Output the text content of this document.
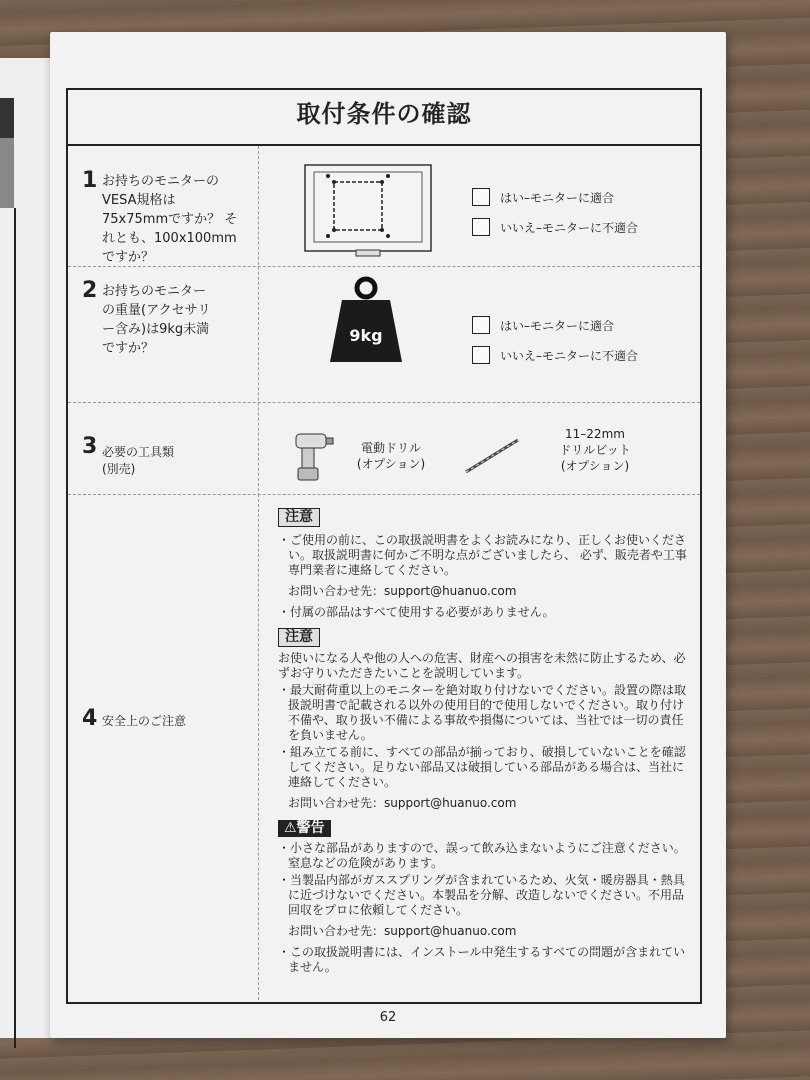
取付条件の確認
1 お持ちのモニターの
VESA規格は
75x75mmですか？ そ
れとも、100x100mm
ですか？
はい–モニターに適合
いいえ–モニターに不適合
2 お持ちのモニター
の重量(アクセサリ
ー含み)は9kg未満
ですか？
9kg
はい–モニターに適合
いいえ–モニターに不適合
3 必要の工具類
(別売)
電動ドリル
(オプション)
11–22mm
ドリルビット
(オプション)
4 安全上のご注意
注意
・ご使用の前に、この取扱説明書をよくお読みになり、正しくお使いください。取扱説明書に何かご不明な点がございましたら、 必ず、販売者や工事専門業者に連絡してください。
お問い合わせ先：support@huanuo.com
・付属の部品はすべて使用する必要がありません。
注意
お使いになる人や他の人への危害、財産への損害を未然に防止するため、必ずお守りいただきたいことを説明しています。
・最大耐荷重以上のモニターを絶対取り付けないでください。設置の際は取扱説明書で記載される以外の使用目的で使用しないでください。取り付け不備や、取り扱い不備による事故や損傷については、当社では一切の責任を負いません。
・組み立てる前に、すべての部品が揃っており、破損していないことを確認してください。足りない部品又は破損している部品がある場合は、当社に連絡してください。
お問い合わせ先：support@huanuo.com
⚠警告
・小さな部品がありますので、誤って飲み込まないようにご注意ください。窒息などの危険があります。
・当製品内部がガススプリングが含まれているため、火気・暖房器具・熱具に近づけないでください。本製品を分解、改造しないでください。不用品回収をプロに依頼してください。
お問い合わせ先：support@huanuo.com
・この取扱説明書には、インストール中発生するすべての問題が含まれていません。
62
